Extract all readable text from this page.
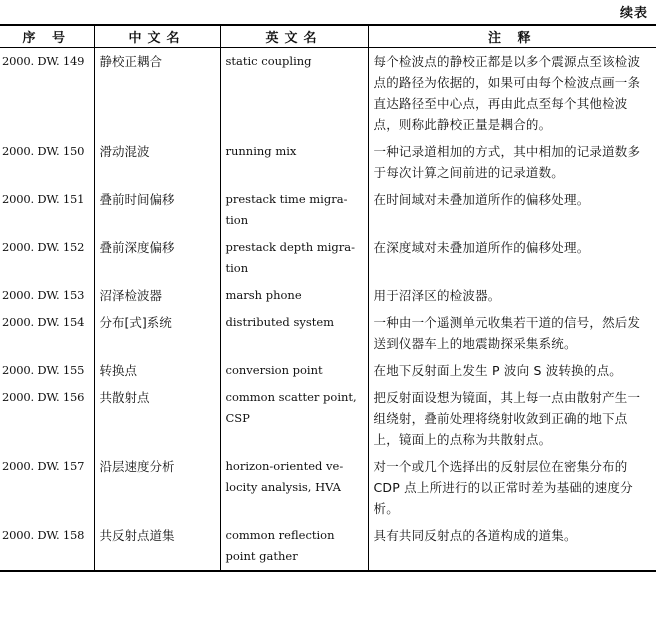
续表
序 号	中文名	英文名	注 释
2000. DW. 149	静校正耦合	static coupling	每个检波点的静校正都是以多个震源点至该检波点的路径为依据的，如果可由每个检波点画一条直达路径至中心点，再由此点至每个其他检波点，则称此静校正量是耦合的。
2000. DW. 150	滑动混波	running mix	一种记录道相加的方式，其中相加的记录道数多于每次计算之间前进的记录道数。
2000. DW. 151	叠前时间偏移	prestack time migra-tion	在时间域对未叠加道所作的偏移处理。
2000. DW. 152	叠前深度偏移	prestack depth migra-tion	在深度域对未叠加道所作的偏移处理。
2000. DW. 153	沼泽检波器	marsh phone	用于沼泽区的检波器。
2000. DW. 154	分布[式]系统	distributed system	一种由一个遥测单元收集若干道的信号，然后发送到仪器车上的地震勘探采集系统。
2000. DW. 155	转换点	conversion point	在地下反射面上发生 P 波向 S 波转换的点。
2000. DW. 156	共散射点	common scatter point, CSP	把反射面设想为镜面，其上每一点由散射产生一组绕射，叠前处理将绕射收敛到正确的地下点上，镜面上的点称为共散射点。
2000. DW. 157	沿层速度分析	horizon-oriented ve-locity analysis, HVA	对一个或几个选择出的反射层位在密集分布的 CDP 点上所进行的以正常时差为基础的速度分析。
2000. DW. 158	共反射点道集	common reflection point gather	具有共同反射点的各道构成的道集。
